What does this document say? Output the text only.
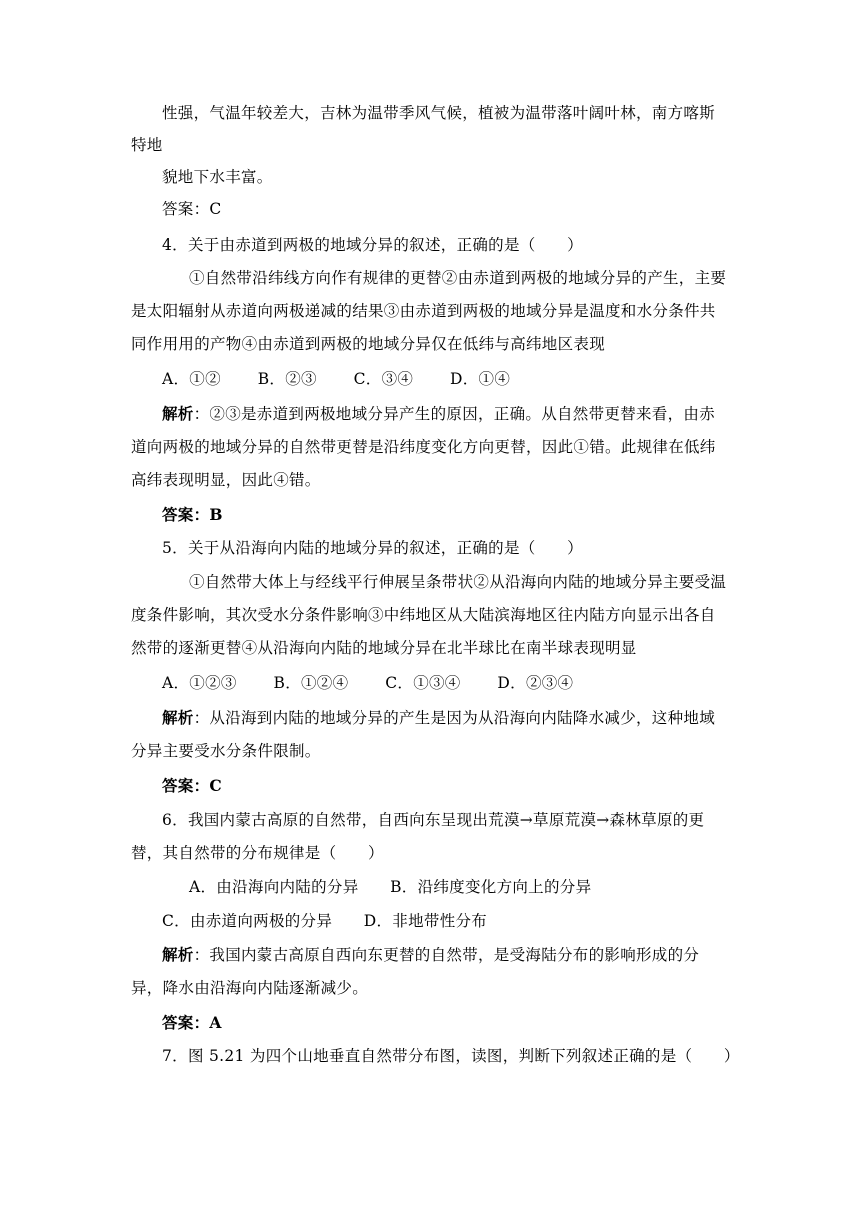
性强，气温年较差大，吉林为温带季风气候，植被为温带落叶阔叶林，南方喀斯
特地
貌地下水丰富。
答案：C
4．关于由赤道到两极的地域分异的叙述，正确的是（　　）
①自然带沿纬线方向作有规律的更替②由赤道到两极的地域分异的产生，主要
是太阳辐射从赤道向两极递减的结果③由赤道到两极的地域分异是温度和水分条件共
同作用用的产物④由赤道到两极的地域分异仅在低纬与高纬地区表现
A．①②　　 B．②③　　 C．③④　　 D．①④
解析：②③是赤道到两极地域分异产生的原因，正确。从自然带更替来看，由赤
道向两极的地域分异的自然带更替是沿纬度变化方向更替，因此①错。此规律在低纬
高纬表现明显，因此④错。
答案：B
5．关于从沿海向内陆的地域分异的叙述，正确的是（　　）
①自然带大体上与经线平行伸展呈条带状②从沿海向内陆的地域分异主要受温
度条件影响，其次受水分条件影响③中纬地区从大陆滨海地区往内陆方向显示出各自
然带的逐渐更替④从沿海向内陆的地域分异在北半球比在南半球表现明显
A．①②③　　 B．①②④　　 C．①③④　　 D．②③④
解析：从沿海到内陆的地域分异的产生是因为从沿海向内陆降水减少，这种地域
分异主要受水分条件限制。
答案：C
6．我国内蒙古高原的自然带，自西向东呈现出荒漠→草原荒漠→森林草原的更
替，其自然带的分布规律是（　　）
A．由沿海向内陆的分异　　B．沿纬度变化方向上的分异
C．由赤道向两极的分异　　D．非地带性分布
解析：我国内蒙古高原自西向东更替的自然带，是受海陆分布的影响形成的分
异，降水由沿海向内陆逐渐减少。
答案：A
7．图 5.21 为四个山地垂直自然带分布图，读图，判断下列叙述正确的是（　　）
